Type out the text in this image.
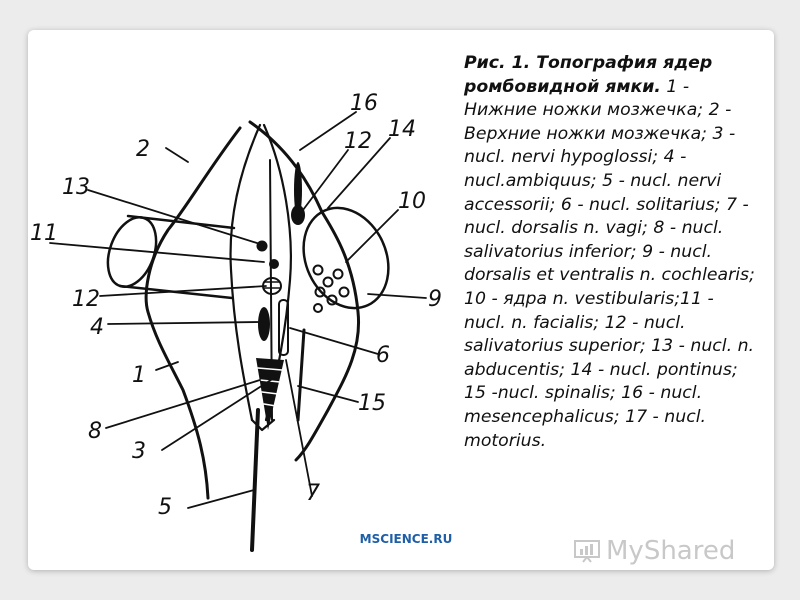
2
13
11
12
4
1
8
3
5
16
12 14
10
9
6
15
7
Рис. 1. Топография ядер ромбовидной ямки. 1 - Нижние ножки мозжечка; 2 - Верхние ножки мозжечка; 3 - nucl. nervi hypoglossi; 4 - nucl.ambiquus; 5 - nucl. nervi accessorii; 6 - nucl. solitarius; 7 - nucl. dorsalis n. vagi; 8 - nucl. salivatorius inferior; 9 - nucl. dorsalis et ventralis n. cochlearis; 10 - ядра n. vestibularis;11 - nucl. n. facialis; 12 - nucl. salivatorius superior; 13 - nucl. n. abducentis; 14 - nucl. pontinus; 15 -nucl. spinalis; 16 - nucl. mesencephalicus; 17 - nucl. motorius.
MSCIENCE.RU	MyShared
